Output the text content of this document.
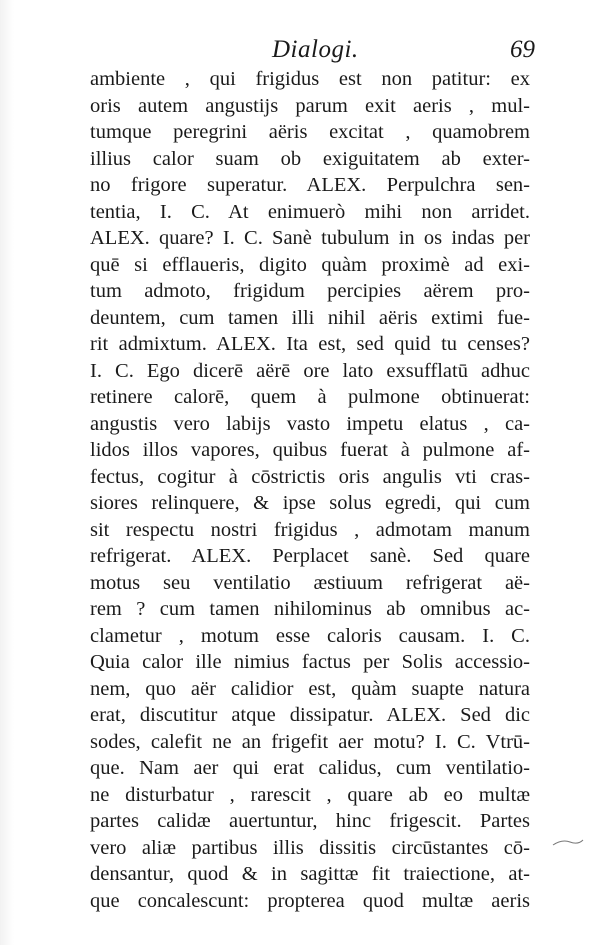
Dialogi.	69
ambiente , qui frigidus est non patitur: ex
oris autem angustijs parum exit aeris , mul-
tumque peregrini aëris excitat , quamobrem
illius calor suam ob exiguitatem ab exter-
no frigore superatur. ALEX. Perpulchra sen-
tentia, I. C. At enimuerò mihi non arridet.
ALEX. quare? I. C. Sanè tubulum in os indas per
quē si efflaueris, digito quàm proximè ad exi-
tum admoto, frigidum percipies aërem pro-
deuntem, cum tamen illi nihil aëris extimi fue-
rit admixtum. ALEX. Ita est, sed quid tu censes?
I. C. Ego dicerē aërē ore lato exsufflatū adhuc
retinere calorē, quem à pulmone obtinuerat:
angustis vero labijs vasto impetu elatus , ca-
lidos illos vapores, quibus fuerat à pulmone af-
fectus, cogitur à cōstrictis oris angulis vti cras-
siores relinquere, & ipse solus egredi, qui cum
sit respectu nostri frigidus , admotam manum
refrigerat. ALEX. Perplacet sanè. Sed quare
motus seu ventilatio æstiuum refrigerat aë-
rem ? cum tamen nihilominus ab omnibus ac-
clametur , motum esse caloris causam. I. C.
Quia calor ille nimius factus per Solis accessio-
nem, quo aër calidior est, quàm suapte natura
erat, discutitur atque dissipatur. ALEX. Sed dic
sodes, calefit ne an frigefit aer motu? I. C. Vtrū-
que. Nam aer qui erat calidus, cum ventilatio-
ne disturbatur , rarescit , quare ab eo multæ
partes calidæ auertuntur, hinc frigescit. Partes
vero aliæ partibus illis dissitis circūstantes cō-
densantur, quod & in sagittæ fit traiectione, at-
que concalescunt: propterea quod multæ aeris
